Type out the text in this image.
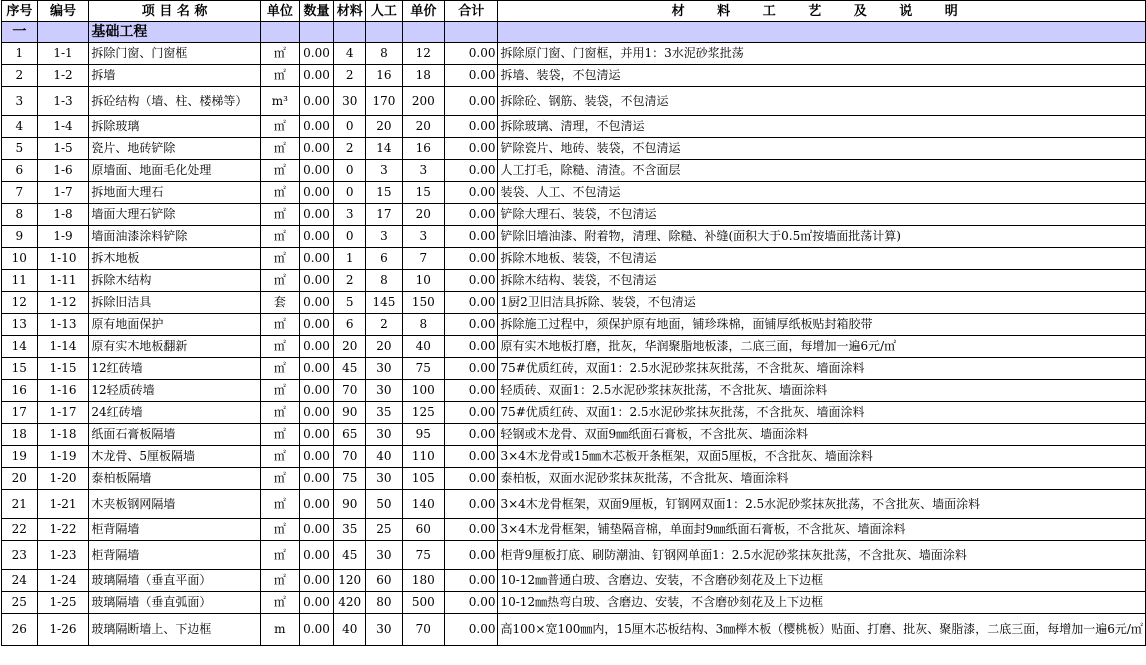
序号	编号	项 目 名 称	单位	数量	材料	人工	单价	合计	材 料 工 艺 及 说 明
一		基础工程							
1	1-1	拆除门窗、门窗框	㎡	0.00	4	8	12	0.00	拆除原门窗、门窗框，并用1：3水泥砂浆批荡
2	1-2	拆墙	㎡	0.00	2	16	18	0.00	拆墙、装袋，不包清运
3	1-3	拆砼结构（墙、柱、楼梯等）	m³	0.00	30	170	200	0.00	拆除砼、钢筋、装袋，不包清运
4	1-4	拆除玻璃	㎡	0.00	0	20	20	0.00	拆除玻璃、清理，不包清运
5	1-5	瓷片、地砖铲除	㎡	0.00	2	14	16	0.00	铲除瓷片、地砖、装袋，不包清运
6	1-6	原墙面、地面毛化处理	㎡	0.00	0	3	3	0.00	人工打毛，除糙、清渣。不含面层
7	1-7	拆地面大理石	㎡	0.00	0	15	15	0.00	装袋、人工、不包清运
8	1-8	墙面大理石铲除	㎡	0.00	3	17	20	0.00	铲除大理石、装袋，不包清运
9	1-9	墙面油漆涂料铲除	㎡	0.00	0	3	3	0.00	铲除旧墙油漆、附着物，清理、除糙、补缝(面积大于0.5㎡按墙面批荡计算)
10	1-10	拆木地板	㎡	0.00	1	6	7	0.00	拆除木地板、装袋，不包清运
11	1-11	拆除木结构	㎡	0.00	2	8	10	0.00	拆除木结构、装袋，不包清运
12	1-12	拆除旧洁具	套	0.00	5	145	150	0.00	1厨2卫旧洁具拆除、装袋，不包清运
13	1-13	原有地面保护	㎡	0.00	6	2	8	0.00	拆除施工过程中，须保护原有地面，铺珍珠棉，面铺厚纸板贴封箱胶带
14	1-14	原有实木地板翻新	㎡	0.00	20	20	40	0.00	原有实木地板打磨，批灰，华润聚脂地板漆，二底三面，每增加一遍6元/㎡
15	1-15	12红砖墙	㎡	0.00	45	30	75	0.00	75#优质红砖，双面1：2.5水泥砂浆抹灰批荡，不含批灰、墙面涂料
16	1-16	12轻质砖墙	㎡	0.00	70	30	100	0.00	轻质砖、双面1：2.5水泥砂浆抹灰批荡，不含批灰、墙面涂料
17	1-17	24红砖墙	㎡	0.00	90	35	125	0.00	75#优质红砖、双面1：2.5水泥砂浆抹灰批荡，不含批灰、墙面涂料
18	1-18	纸面石膏板隔墙	㎡	0.00	65	30	95	0.00	轻钢或木龙骨、双面9㎜纸面石膏板，不含批灰、墙面涂料
19	1-19	木龙骨、5厘板隔墙	㎡	0.00	70	40	110	0.00	3×4木龙骨或15㎜木芯板开条框架，双面5厘板，不含批灰、墙面涂料
20	1-20	泰柏板隔墙	㎡	0.00	75	30	105	0.00	泰柏板，双面水泥砂浆抹灰批荡，不含批灰、墙面涂料
21	1-21	木夹板钢网隔墙	㎡	0.00	90	50	140	0.00	3×4木龙骨框架，双面9厘板，钉钢网双面1：2.5水泥砂浆抹灰批荡，不含批灰、墙面涂料
22	1-22	柜背隔墙	㎡	0.00	35	25	60	0.00	3×4木龙骨框架，铺垫隔音棉，单面封9㎜纸面石膏板，不含批灰、墙面涂料
23	1-23	柜背隔墙	㎡	0.00	45	30	75	0.00	柜背9厘板打底、刷防潮油、钉钢网单面1：2.5水泥砂浆抹灰批荡，不含批灰、墙面涂料
24	1-24	玻璃隔墙（垂直平面）	㎡	0.00	120	60	180	0.00	10-12㎜普通白玻、含磨边、安装，不含磨砂刻花及上下边框
25	1-25	玻璃隔墙（垂直弧面）	㎡	0.00	420	80	500	0.00	10-12㎜热弯白玻、含磨边、安装，不含磨砂刻花及上下边框
26	1-26	玻璃隔断墙上、下边框	m	0.00	40	30	70	0.00	高100×宽100㎜内，15厘木芯板结构、3㎜榉木板（樱桃板）贴面、打磨、批灰、聚脂漆，二底三面，每增加一遍6元/㎡
